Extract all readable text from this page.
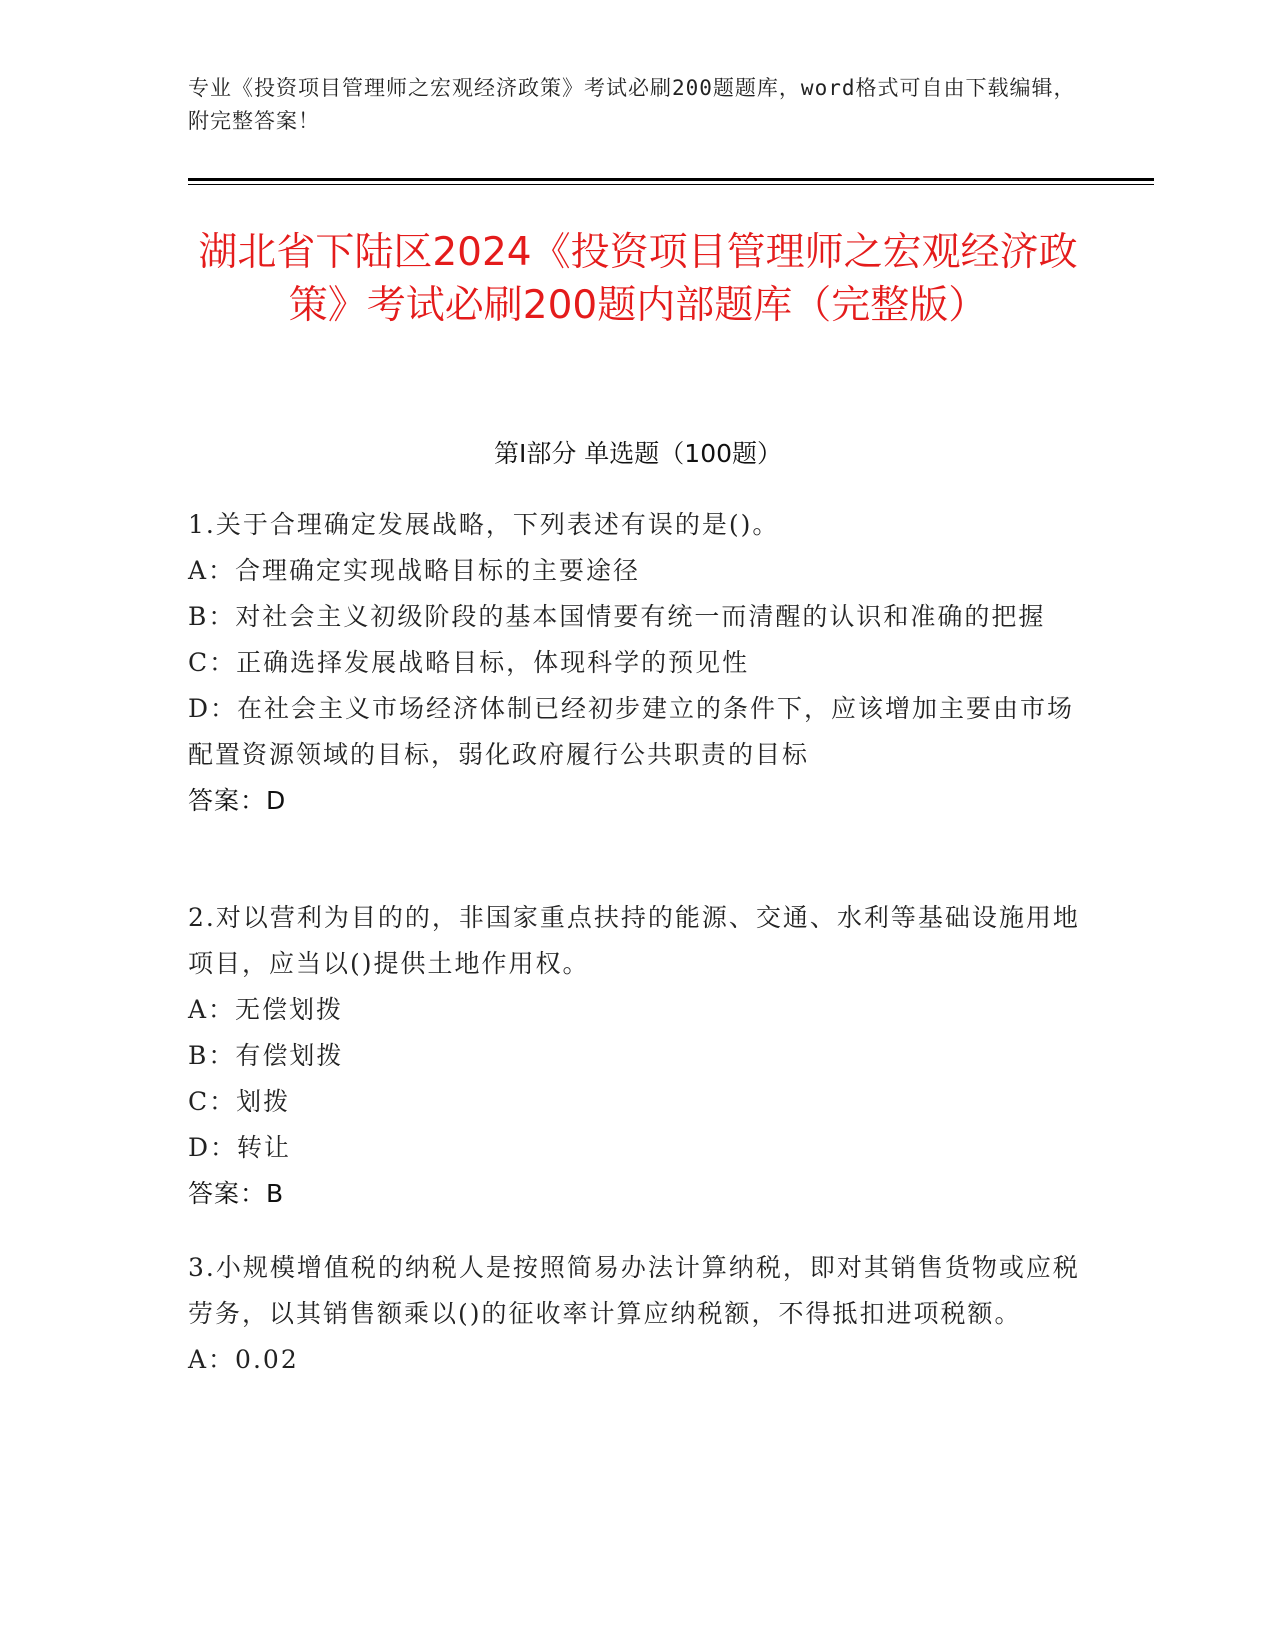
专业《投资项目管理师之宏观经济政策》考试必刷200题题库，word格式可自由下载编辑，附完整答案！
湖北省下陆区2024《投资项目管理师之宏观经济政策》考试必刷200题内部题库（完整版）
第I部分 单选题（100题）
1.关于合理确定发展战略，下列表述有误的是()。
A：合理确定实现战略目标的主要途径
B：对社会主义初级阶段的基本国情要有统一而清醒的认识和准确的把握
C：正确选择发展战略目标，体现科学的预见性
D：在社会主义市场经济体制已经初步建立的条件下，应该增加主要由市场配置资源领域的目标，弱化政府履行公共职责的目标
答案：D
2.对以营利为目的的，非国家重点扶持的能源、交通、水利等基础设施用地项目，应当以()提供土地作用权。
A：无偿划拨
B：有偿划拨
C：划拨
D：转让
答案：B
3.小规模增值税的纳税人是按照简易办法计算纳税，即对其销售货物或应税劳务，以其销售额乘以()的征收率计算应纳税额，不得抵扣进项税额。
A：0.02
